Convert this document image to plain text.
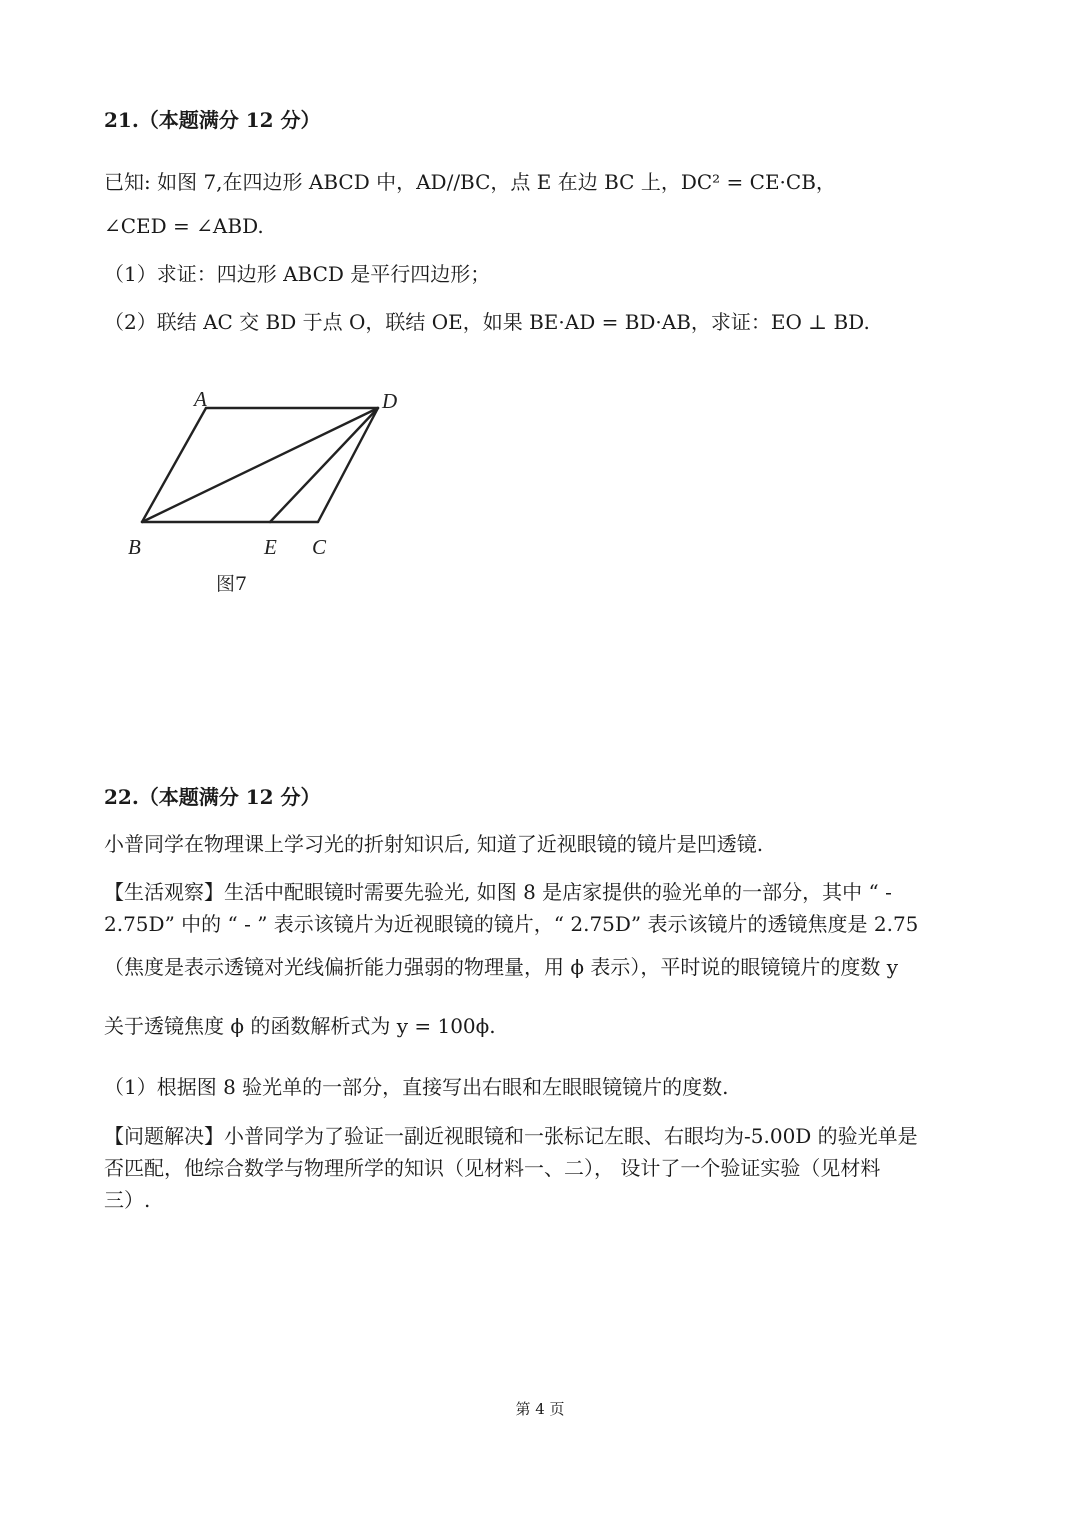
21.（本题满分 12 分）
已知: 如图 7,在四边形 ABCD 中，AD//BC，点 E 在边 BC 上，DC² = CE·CB，
∠CED = ∠ABD.
（1）求证：四边形 ABCD 是平行四边形；
（2）联结 AC 交 BD 于点 O，联结 OE，如果 BE·AD = BD·AB，求证：EO ⊥ BD.
A	D
B	E C
图7
22.（本题满分 12 分）
小普同学在物理课上学习光的折射知识后, 知道了近视眼镜的镜片是凹透镜.
【生活观察】生活中配眼镜时需要先验光, 如图 8 是店家提供的验光单的一部分，其中 “ -
2.75D” 中的 “ - ” 表示该镜片为近视眼镜的镜片，“ 2.75D” 表示该镜片的透镜焦度是 2.75
（焦度是表示透镜对光线偏折能力强弱的物理量，用 ϕ 表示），平时说的眼镜镜片的度数 y
关于透镜焦度 ϕ 的函数解析式为 y = 100ϕ.
（1）根据图 8 验光单的一部分，直接写出右眼和左眼眼镜镜片的度数.
【问题解决】小普同学为了验证一副近视眼镜和一张标记左眼、右眼均为-5.00D 的验光单是
否匹配，他综合数学与物理所学的知识（见材料一、二）， 设计了一个验证实验（见材料
三）.
第 4 页
